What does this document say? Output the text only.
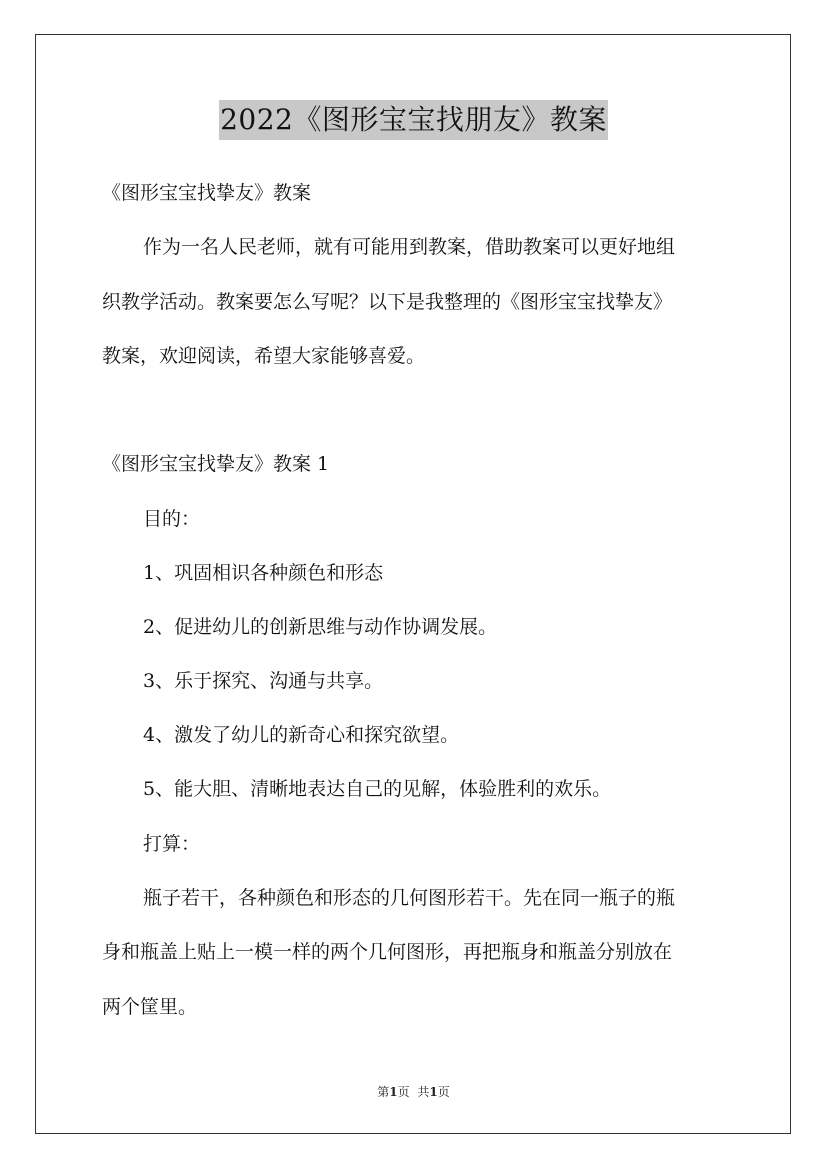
2022《图形宝宝找朋友》教案
《图形宝宝找挚友》教案
作为一名人民老师，就有可能用到教案，借助教案可以更好地组
织教学活动。教案要怎么写呢？以下是我整理的《图形宝宝找挚友》
教案，欢迎阅读，希望大家能够喜爱。
《图形宝宝找挚友》教案 1
目的：
1、巩固相识各种颜色和形态
2、促进幼儿的创新思维与动作协调发展。
3、乐于探究、沟通与共享。
4、激发了幼儿的新奇心和探究欲望。
5、能大胆、清晰地表达自己的见解，体验胜利的欢乐。
打算：
瓶子若干，各种颜色和形态的几何图形若干。先在同一瓶子的瓶
身和瓶盖上贴上一模一样的两个几何图形，再把瓶身和瓶盖分别放在
两个筐里。
第1页 共1页
